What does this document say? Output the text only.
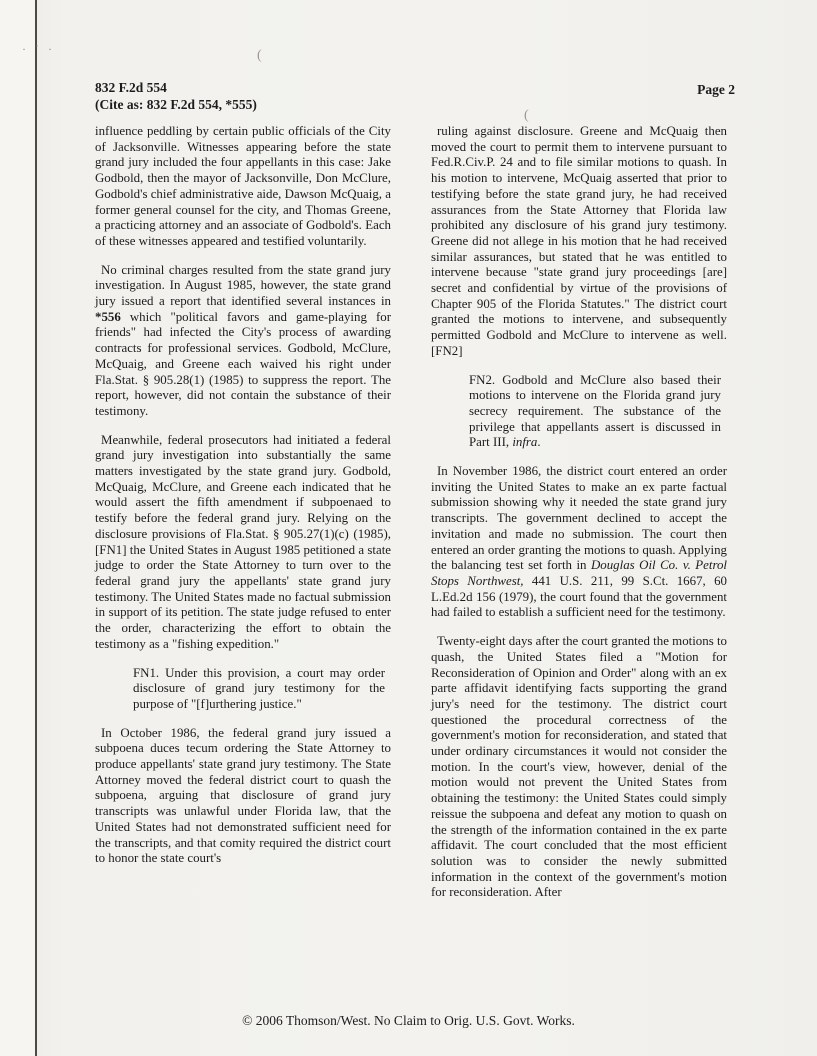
· ˙ ·	(
(
832 F.2d 554
(Cite as: 832 F.2d 554, *555)
Page 2

influence peddling by certain public officials of the City of Jacksonville. Witnesses appearing before the state grand jury included the four appellants in this case: Jake Godbold, then the mayor of Jacksonville, Don McClure, Godbold's chief administrative aide, Dawson McQuaig, a former general counsel for the city, and Thomas Greene, a practicing attorney and an associate of Godbold's. Each of these witnesses appeared and testified voluntarily.

No criminal charges resulted from the state grand jury investigation. In August 1985, however, the state grand jury issued a report that identified several instances in *556 which "political favors and game-playing for friends" had infected the City's process of awarding contracts for professional services. Godbold, McClure, McQuaig, and Greene each waived his right under Fla.Stat. § 905.28(1) (1985) to suppress the report. The report, however, did not contain the substance of their testimony.

Meanwhile, federal prosecutors had initiated a federal grand jury investigation into substantially the same matters investigated by the state grand jury. Godbold, McQuaig, McClure, and Greene each indicated that he would assert the fifth amendment if subpoenaed to testify before the federal grand jury. Relying on the disclosure provisions of Fla.Stat. § 905.27(1)(c) (1985), [FN1] the United States in August 1985 petitioned a state judge to order the State Attorney to turn over to the federal grand jury the appellants' state grand jury testimony. The United States made no factual submission in support of its petition. The state judge refused to enter the order, characterizing the effort to obtain the testimony as a "fishing expedition."

FN1. Under this provision, a court may order disclosure of grand jury testimony for the purpose of "[f]urthering justice."

In October 1986, the federal grand jury issued a subpoena duces tecum ordering the State Attorney to produce appellants' state grand jury testimony. The State Attorney moved the federal district court to quash the subpoena, arguing that disclosure of grand jury transcripts was unlawful under Florida law, that the United States had not demonstrated sufficient need for the transcripts, and that comity required the district court to honor the state court's

ruling against disclosure. Greene and McQuaig then moved the court to permit them to intervene pursuant to Fed.R.Civ.P. 24 and to file similar motions to quash. In his motion to intervene, McQuaig asserted that prior to testifying before the state grand jury, he had received assurances from the State Attorney that Florida law prohibited any disclosure of his grand jury testimony. Greene did not allege in his motion that he had received similar assurances, but stated that he was entitled to intervene because "state grand jury proceedings [are] secret and confidential by virtue of the provisions of Chapter 905 of the Florida Statutes." The district court granted the motions to intervene, and subsequently permitted Godbold and McClure to intervene as well. [FN2]

FN2. Godbold and McClure also based their motions to intervene on the Florida grand jury secrecy requirement. The substance of the privilege that appellants assert is discussed in Part III, infra.

In November 1986, the district court entered an order inviting the United States to make an ex parte factual submission showing why it needed the state grand jury transcripts. The government declined to accept the invitation and made no submission. The court then entered an order granting the motions to quash. Applying the balancing test set forth in Douglas Oil Co. v. Petrol Stops Northwest, 441 U.S. 211, 99 S.Ct. 1667, 60 L.Ed.2d 156 (1979), the court found that the government had failed to establish a sufficient need for the testimony.

Twenty-eight days after the court granted the motions to quash, the United States filed a "Motion for Reconsideration of Opinion and Order" along with an ex parte affidavit identifying facts supporting the grand jury's need for the testimony. The district court questioned the procedural correctness of the government's motion for reconsideration, and stated that under ordinary circumstances it would not consider the motion. In the court's view, however, denial of the motion would not prevent the United States from obtaining the testimony: the United States could simply reissue the subpoena and defeat any motion to quash on the strength of the information contained in the ex parte affidavit. The court concluded that the most efficient solution was to consider the newly submitted information in the context of the government's motion for reconsideration. After

© 2006 Thomson/West. No Claim to Orig. U.S. Govt. Works.
